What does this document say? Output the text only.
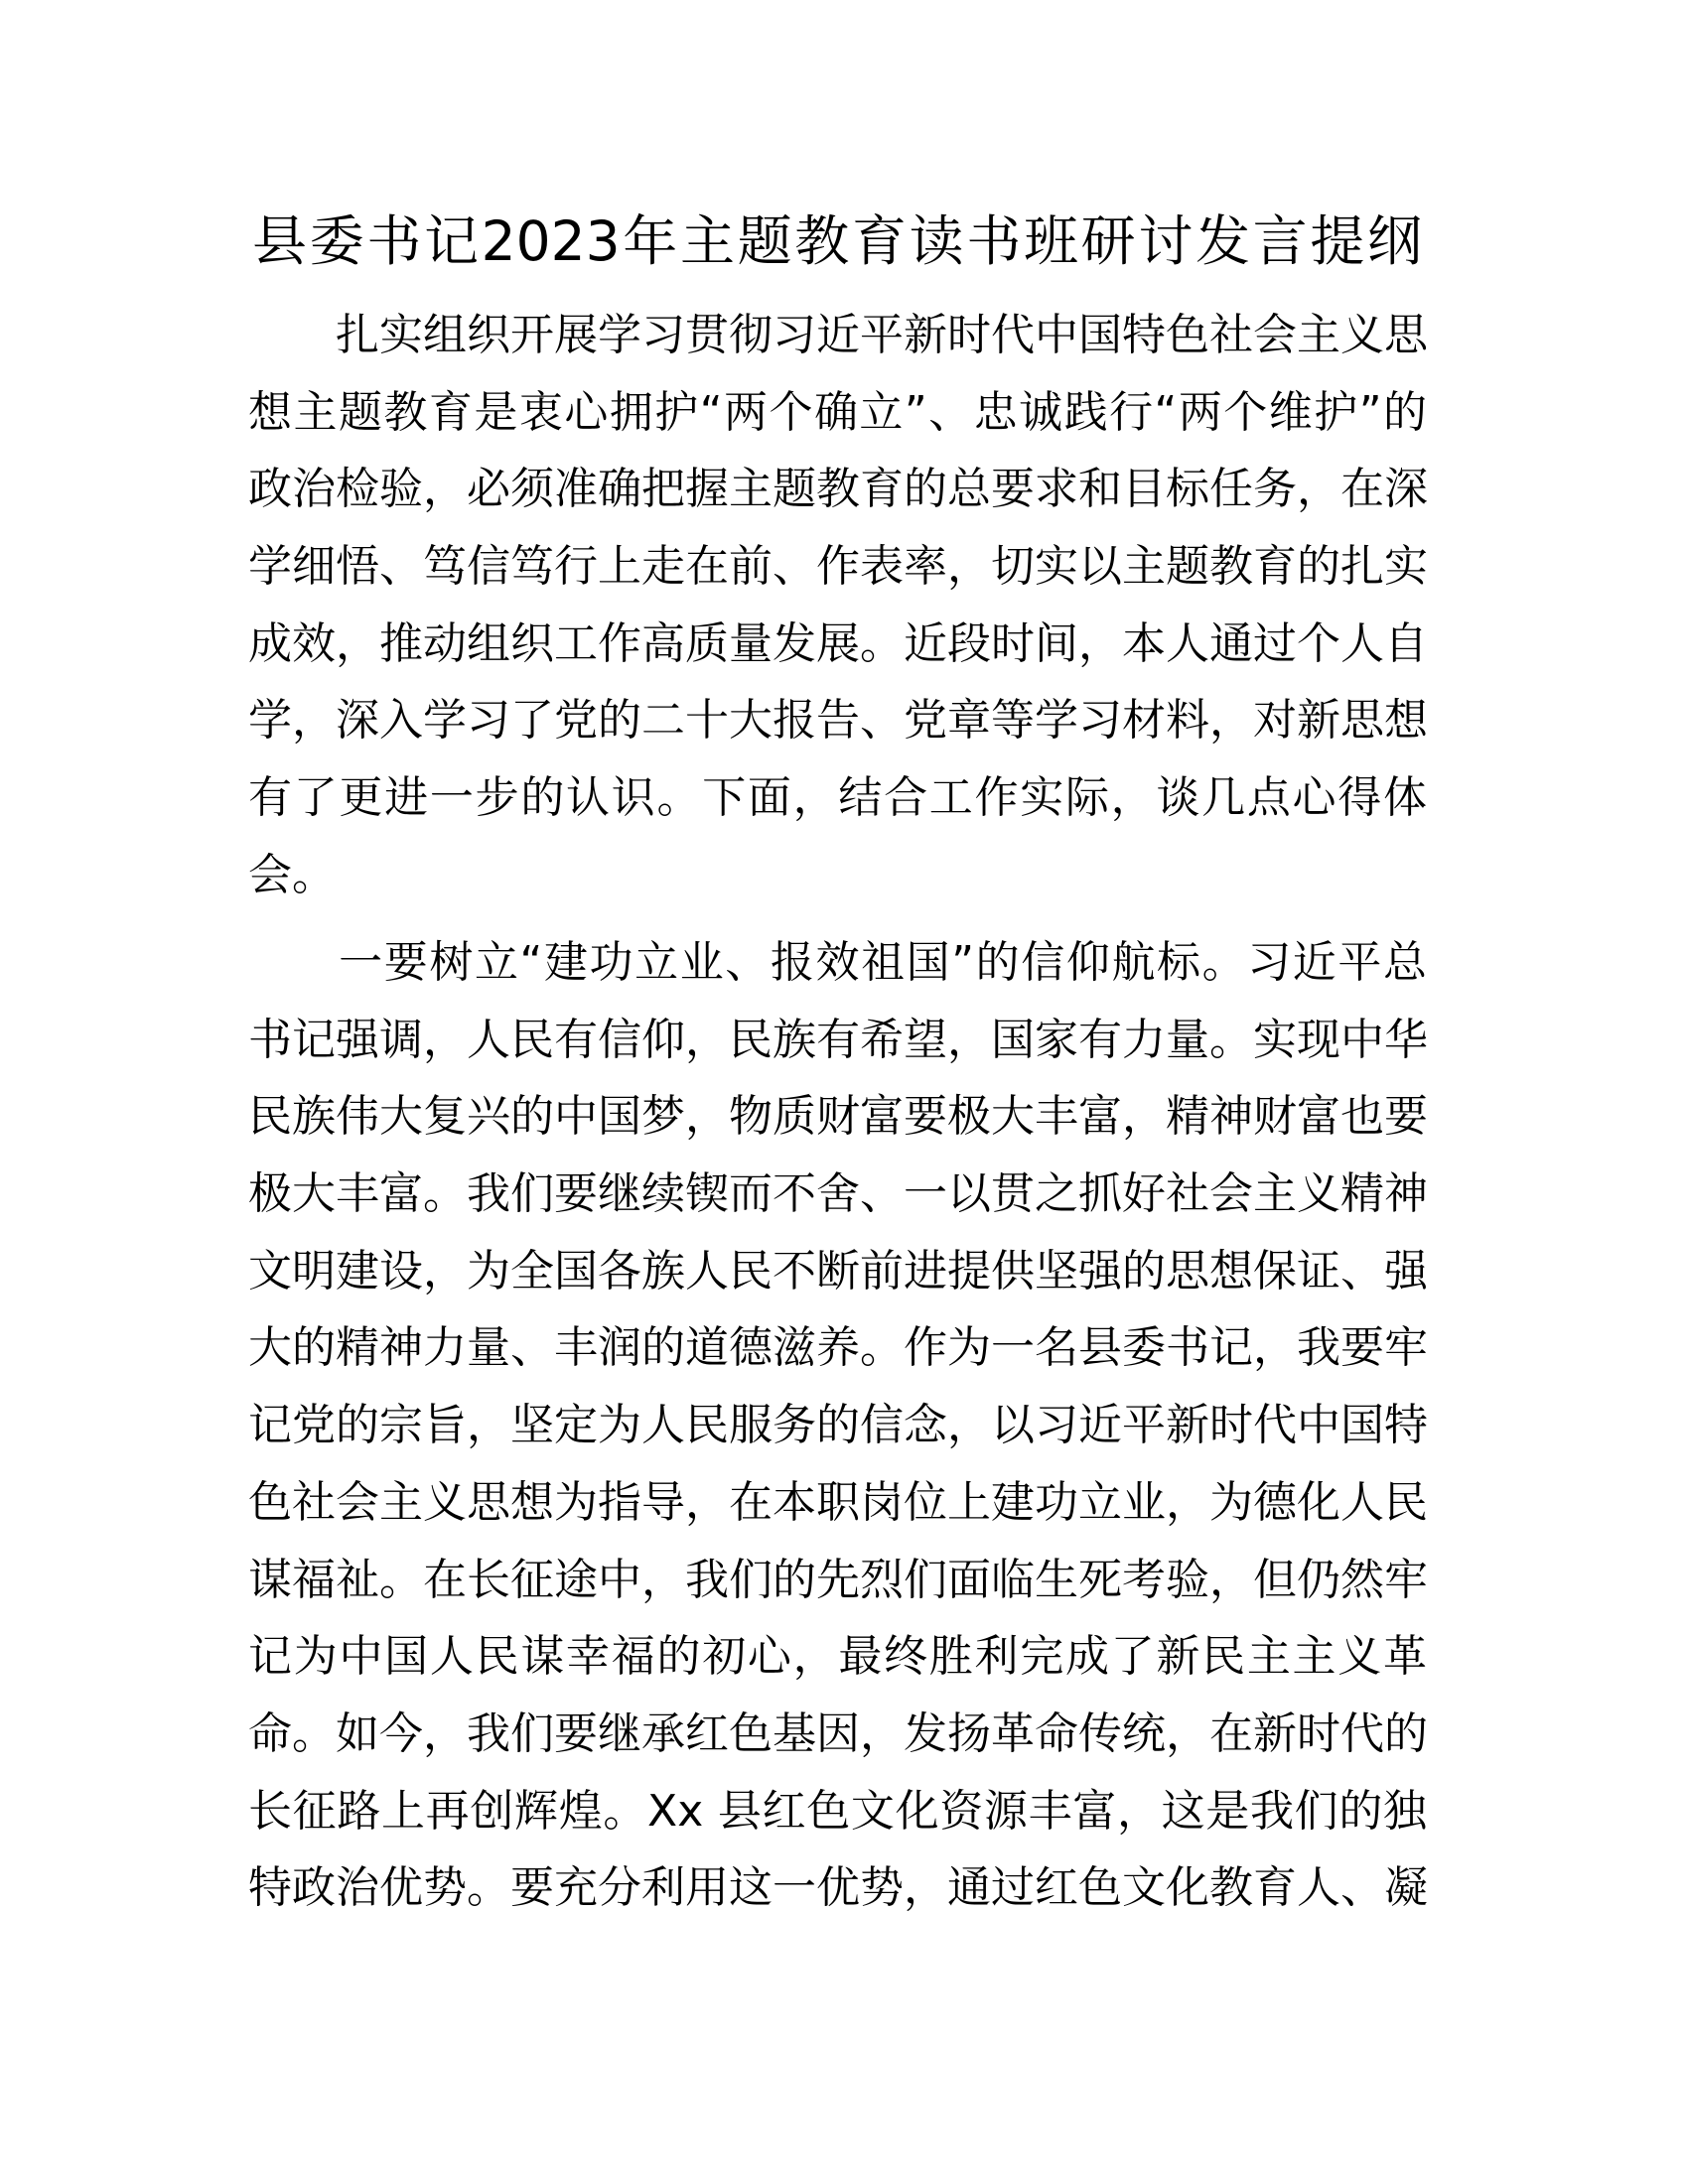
县委书记2023年主题教育读书班研讨发言提纲
　　扎实组织开展学习贯彻习近平新时代中国特色社会主义思
想主题教育是衷心拥护“两个确立”、忠诚践行“两个维护”的
政治检验，必须准确把握主题教育的总要求和目标任务，在深
学细悟、笃信笃行上走在前、作表率，切实以主题教育的扎实
成效，推动组织工作高质量发展。近段时间，本人通过个人自
学，深入学习了党的二十大报告、党章等学习材料，对新思想
有了更进一步的认识。下面，结合工作实际，谈几点心得体
会。
　　一要树立“建功立业、报效祖国”的信仰航标。习近平总
书记强调，人民有信仰，民族有希望，国家有力量。实现中华
民族伟大复兴的中国梦，物质财富要极大丰富，精神财富也要
极大丰富。我们要继续锲而不舍、一以贯之抓好社会主义精神
文明建设，为全国各族人民不断前进提供坚强的思想保证、强
大的精神力量、丰润的道德滋养。作为一名县委书记，我要牢
记党的宗旨，坚定为人民服务的信念，以习近平新时代中国特
色社会主义思想为指导，在本职岗位上建功立业，为德化人民
谋福祉。在长征途中，我们的先烈们面临生死考验，但仍然牢
记为中国人民谋幸福的初心，最终胜利完成了新民主主义革
命。如今，我们要继承红色基因，发扬革命传统，在新时代的
长征路上再创辉煌。Xx 县红色文化资源丰富，这是我们的独
特政治优势。要充分利用这一优势，通过红色文化教育人、凝
